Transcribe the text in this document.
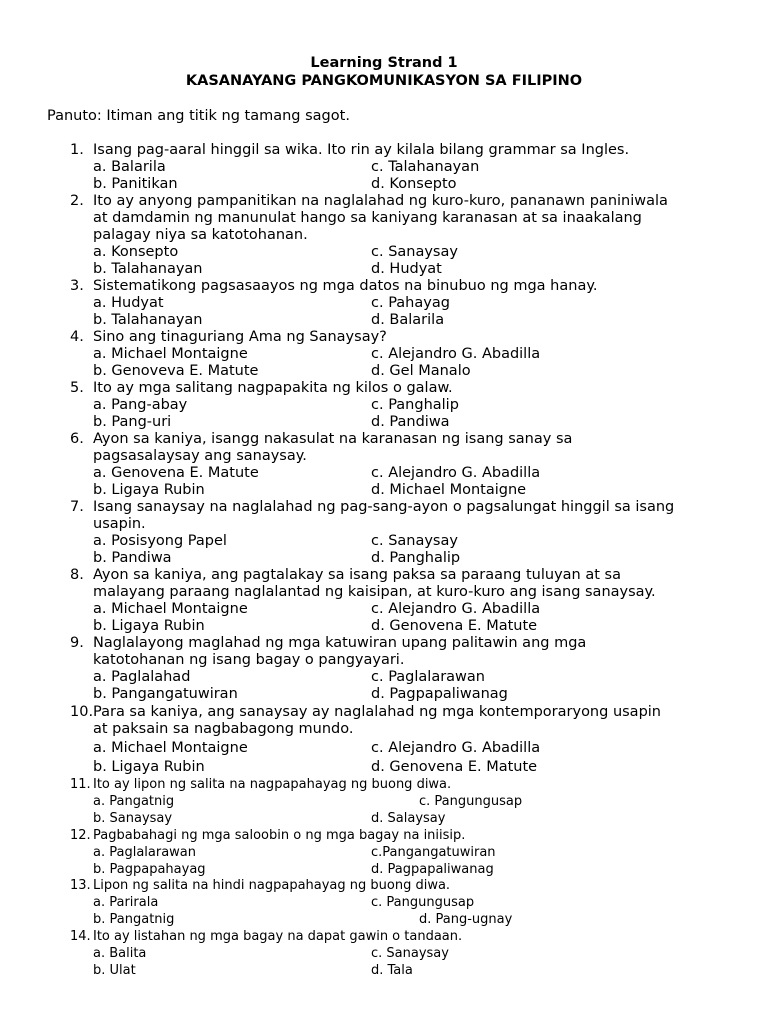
Learning Strand 1
KASANAYANG PANGKOMUNIKASYON SA FILIPINO
Panuto: Itiman ang titik ng tamang sagot.
1. Isang pag-aaral hinggil sa wika. Ito rin ay kilala bilang grammar sa Ingles.
a. Balarila	c. Talahanayan
b. Panitikan	d. Konsepto
2. Ito ay anyong pampanitikan na naglalahad ng kuro-kuro, pananawn paniniwala
at damdamin ng manunulat hango sa kaniyang karanasan at sa inaakalang
palagay niya sa katotohanan.
a. Konsepto	c. Sanaysay
b. Talahanayan	d. Hudyat
3. Sistematikong pagsasaayos ng mga datos na binubuo ng mga hanay.
a. Hudyat	c. Pahayag
b. Talahanayan	d. Balarila
4. Sino ang tinaguriang Ama ng Sanaysay?
a. Michael Montaigne	c. Alejandro G. Abadilla
b. Genoveva E. Matute	d. Gel Manalo
5. Ito ay mga salitang nagpapakita ng kilos o galaw.
a. Pang-abay	c. Panghalip
b. Pang-uri	d. Pandiwa
6. Ayon sa kaniya, isangg nakasulat na karanasan ng isang sanay sa
pagsasalaysay ang sanaysay.
a. Genovena E. Matute	c. Alejandro G. Abadilla
b. Ligaya Rubin	d. Michael Montaigne
7. Isang sanaysay na naglalahad ng pag-sang-ayon o pagsalungat hinggil sa isang
usapin.
a. Posisyong Papel	c. Sanaysay
b. Pandiwa	d. Panghalip
8. Ayon sa kaniya, ang pagtalakay sa isang paksa sa paraang tuluyan at sa
malayang paraang naglalantad ng kaisipan, at kuro-kuro ang isang sanaysay.
a. Michael Montaigne	c. Alejandro G. Abadilla
b. Ligaya Rubin	d. Genovena E. Matute
9. Naglalayong maglahad ng mga katuwiran upang palitawin ang mga
katotohanan ng isang bagay o pangyayari.
a. Paglalahad	c. Paglalarawan
b. Pangangatuwiran	d. Pagpapaliwanag
10. Para sa kaniya, ang sanaysay ay naglalahad ng mga kontemporaryong usapin
at paksain sa nagbabagong mundo.
a. Michael Montaigne	c. Alejandro G. Abadilla
b. Ligaya Rubin	d. Genovena E. Matute
11. Ito ay lipon ng salita na nagpapahayag ng buong diwa.
a. Pangatnig	c. Pangungusap
b. Sanaysay	d. Salaysay
12. Pagbabahagi ng mga saloobin o ng mga bagay na iniisip.
a. Paglalarawan	c.Pangangatuwiran
b. Pagpapahayag	d. Pagpapaliwanag
13. Lipon ng salita na hindi nagpapahayag ng buong diwa.
a. Parirala	c. Pangungusap
b. Pangatnig	d. Pang-ugnay
14. Ito ay listahan ng mga bagay na dapat gawin o tandaan.
a. Balita	c. Sanaysay
b. Ulat	d. Tala
